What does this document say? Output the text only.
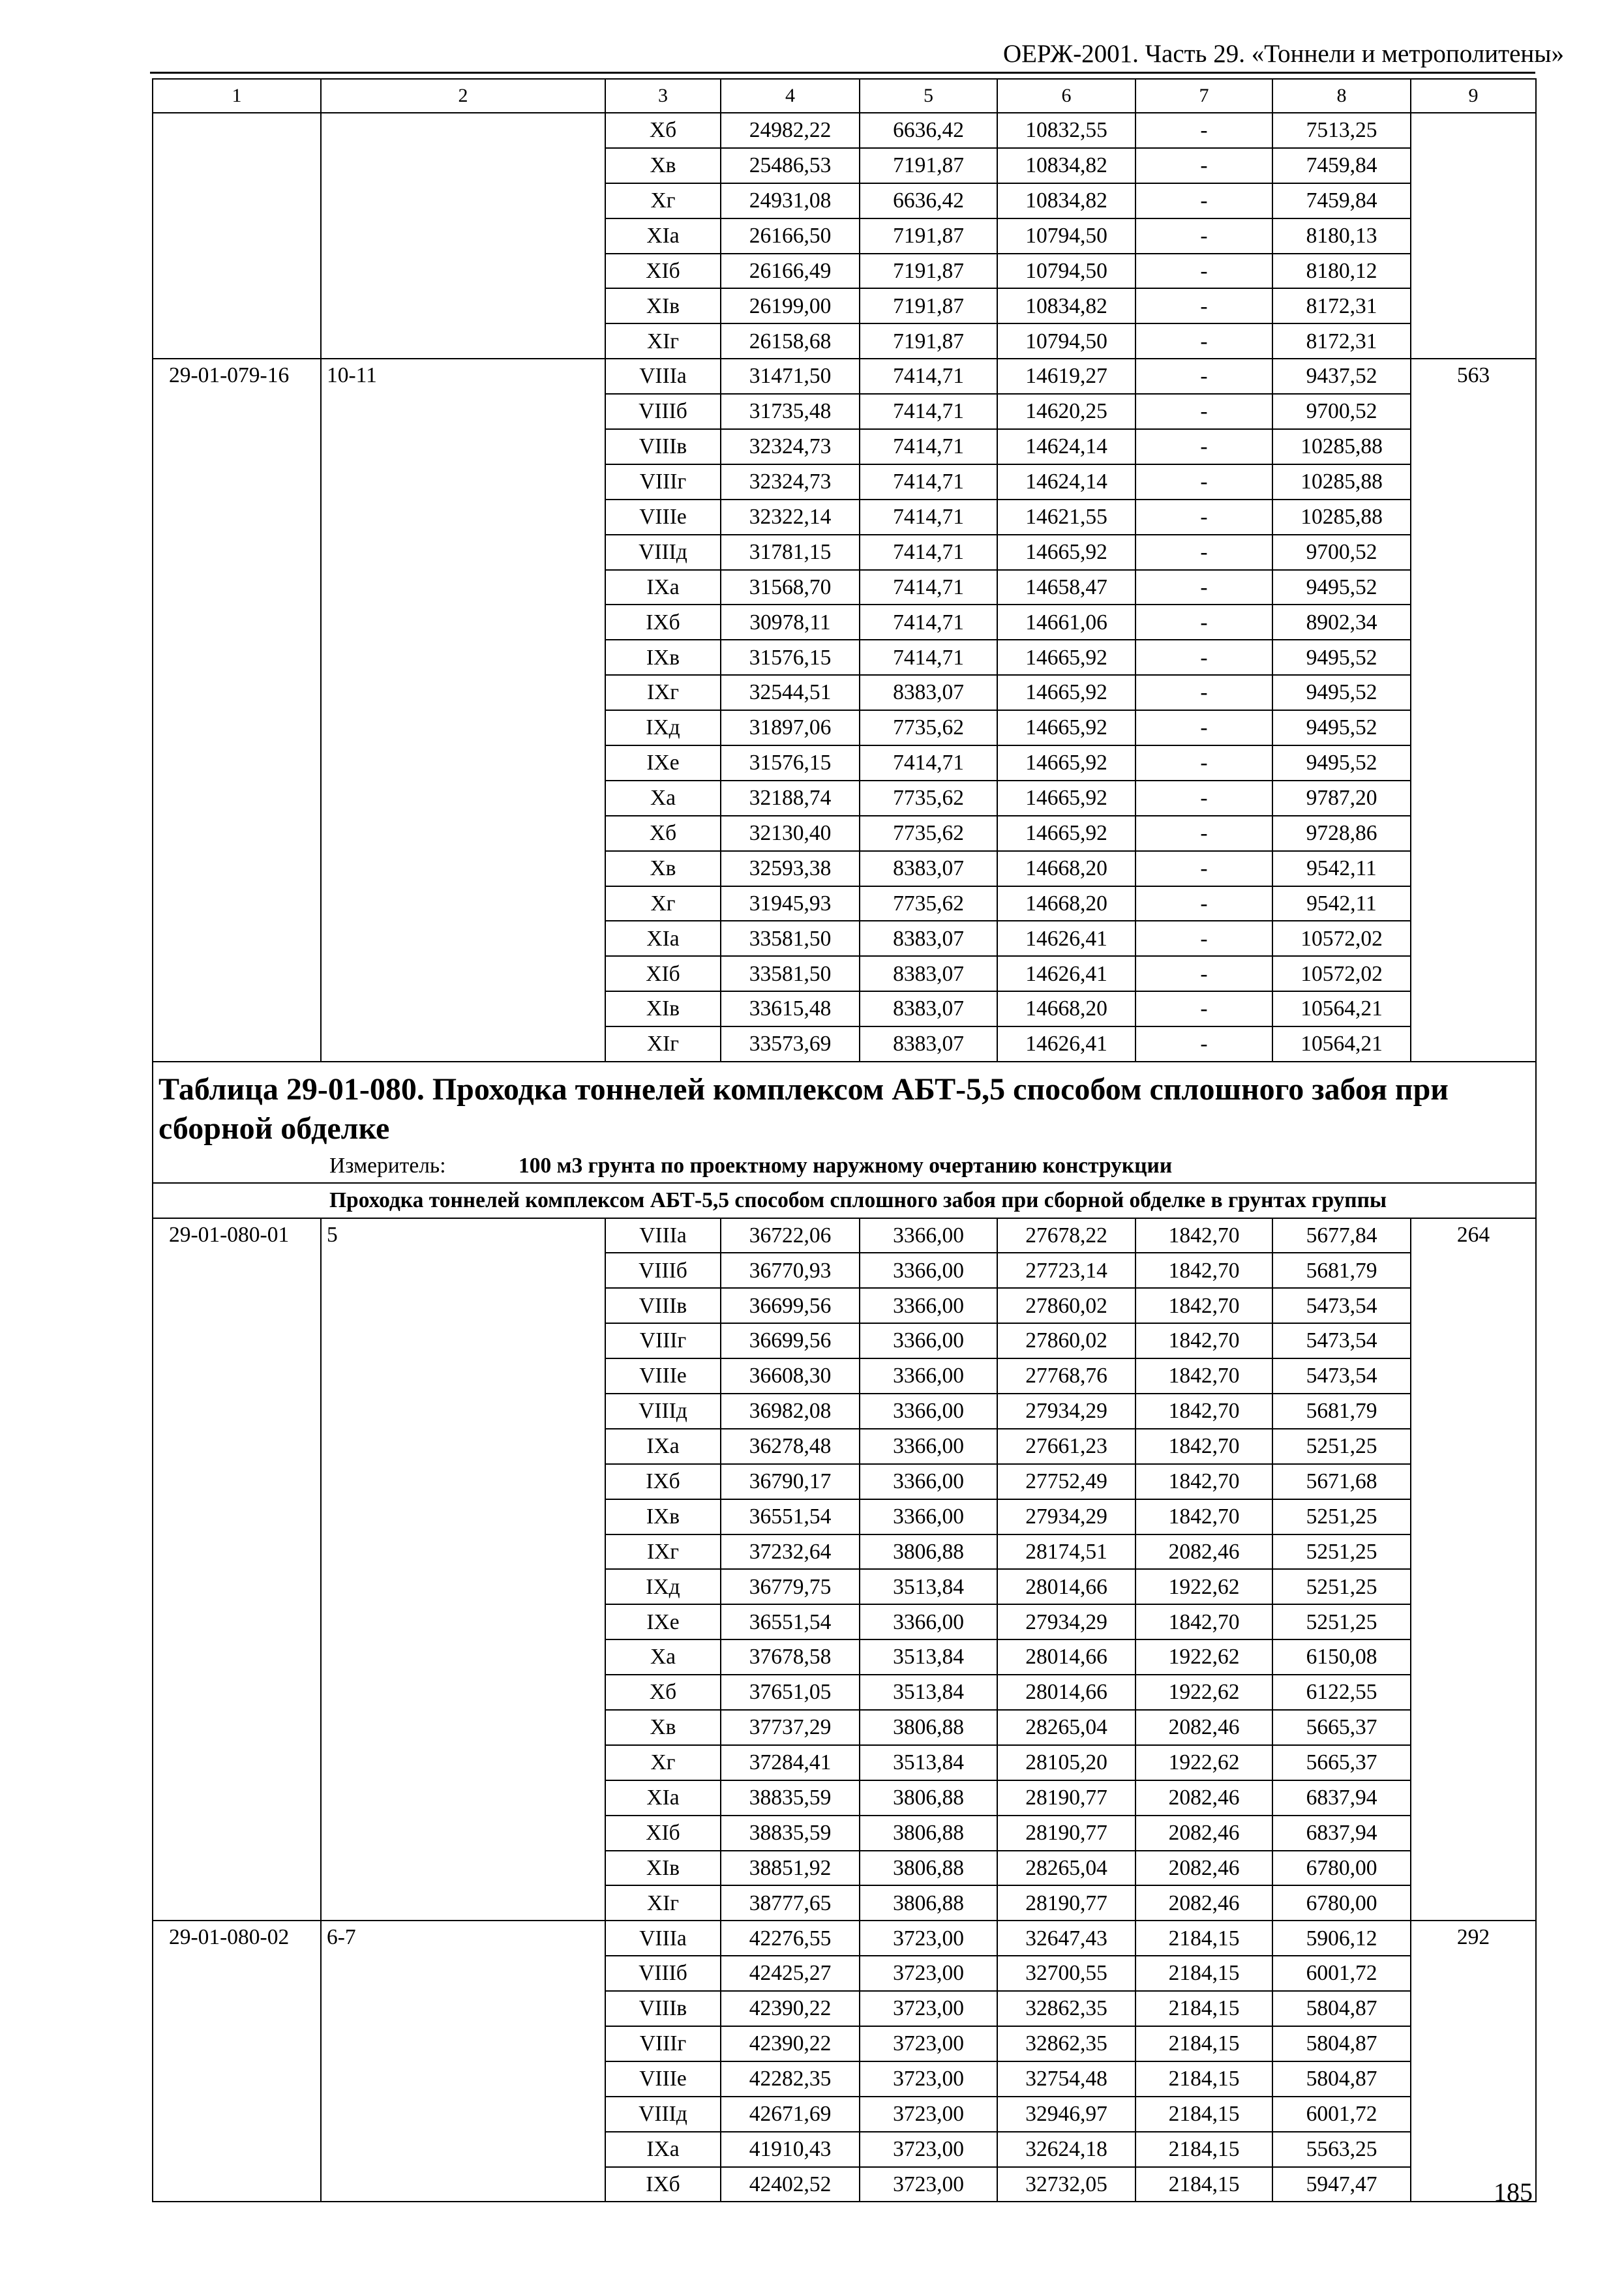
ОЕРЖ-2001. Часть 29. «Тоннели и метрополитены»
1	2	3	4	5	6	7	8	9
		Xб	24982,22	6636,42	10832,55	-	7513,25	
		Xв	25486,53	7191,87	10834,82	-	7459,84	
		Xг	24931,08	6636,42	10834,82	-	7459,84	
		XIa	26166,50	7191,87	10794,50	-	8180,13	
		XIб	26166,49	7191,87	10794,50	-	8180,12	
		XIв	26199,00	7191,87	10834,82	-	8172,31	
		XIг	26158,68	7191,87	10794,50	-	8172,31	
29-01-079-16	10-11	VIIIa	31471,50	7414,71	14619,27	-	9437,52	563
		VIIIб	31735,48	7414,71	14620,25	-	9700,52	
		VIIIв	32324,73	7414,71	14624,14	-	10285,88	
		VIIIг	32324,73	7414,71	14624,14	-	10285,88	
		VIIIe	32322,14	7414,71	14621,55	-	10285,88	
		VIIIд	31781,15	7414,71	14665,92	-	9700,52	
		IXa	31568,70	7414,71	14658,47	-	9495,52	
		IXб	30978,11	7414,71	14661,06	-	8902,34	
		IXв	31576,15	7414,71	14665,92	-	9495,52	
		IXг	32544,51	8383,07	14665,92	-	9495,52	
		IXд	31897,06	7735,62	14665,92	-	9495,52	
		IXe	31576,15	7414,71	14665,92	-	9495,52	
		Xa	32188,74	7735,62	14665,92	-	9787,20	
		Xб	32130,40	7735,62	14665,92	-	9728,86	
		Xв	32593,38	8383,07	14668,20	-	9542,11	
		Xг	31945,93	7735,62	14668,20	-	9542,11	
		XIa	33581,50	8383,07	14626,41	-	10572,02	
		XIб	33581,50	8383,07	14626,41	-	10572,02	
		XIв	33615,48	8383,07	14668,20	-	10564,21	
		XIг	33573,69	8383,07	14626,41	-	10564,21	

Таблица 29-01-080. Проходка тоннелей комплексом АБТ-5,5 способом сплошного забоя при сборной обделке
Измеритель: 100 м3 грунта по проектному наружному очертанию конструкции								

Проходка тоннелей комплексом АБТ-5,5 способом сплошного забоя при сборной обделке в грунтах группы								
29-01-080-01	5	VIIIa	36722,06	3366,00	27678,22	1842,70	5677,84	264
		VIIIб	36770,93	3366,00	27723,14	1842,70	5681,79	
		VIIIв	36699,56	3366,00	27860,02	1842,70	5473,54	
		VIIIг	36699,56	3366,00	27860,02	1842,70	5473,54	
		VIIIe	36608,30	3366,00	27768,76	1842,70	5473,54	
		VIIIд	36982,08	3366,00	27934,29	1842,70	5681,79	
		IXa	36278,48	3366,00	27661,23	1842,70	5251,25	
		IXб	36790,17	3366,00	27752,49	1842,70	5671,68	
		IXв	36551,54	3366,00	27934,29	1842,70	5251,25	
		IXг	37232,64	3806,88	28174,51	2082,46	5251,25	
		IXд	36779,75	3513,84	28014,66	1922,62	5251,25	
		IXe	36551,54	3366,00	27934,29	1842,70	5251,25	
		Xa	37678,58	3513,84	28014,66	1922,62	6150,08	
		Xб	37651,05	3513,84	28014,66	1922,62	6122,55	
		Xв	37737,29	3806,88	28265,04	2082,46	5665,37	
		Xг	37284,41	3513,84	28105,20	1922,62	5665,37	
		XIa	38835,59	3806,88	28190,77	2082,46	6837,94	
		XIб	38835,59	3806,88	28190,77	2082,46	6837,94	
		XIв	38851,92	3806,88	28265,04	2082,46	6780,00	
		XIг	38777,65	3806,88	28190,77	2082,46	6780,00	
29-01-080-02	6-7	VIIIa	42276,55	3723,00	32647,43	2184,15	5906,12	292
		VIIIб	42425,27	3723,00	32700,55	2184,15	6001,72	
		VIIIв	42390,22	3723,00	32862,35	2184,15	5804,87	
		VIIIг	42390,22	3723,00	32862,35	2184,15	5804,87	
		VIIIe	42282,35	3723,00	32754,48	2184,15	5804,87	
		VIIIд	42671,69	3723,00	32946,97	2184,15	6001,72	
		IXa	41910,43	3723,00	32624,18	2184,15	5563,25	
		IXб	42402,52	3723,00	32732,05	2184,15	5947,47		185
